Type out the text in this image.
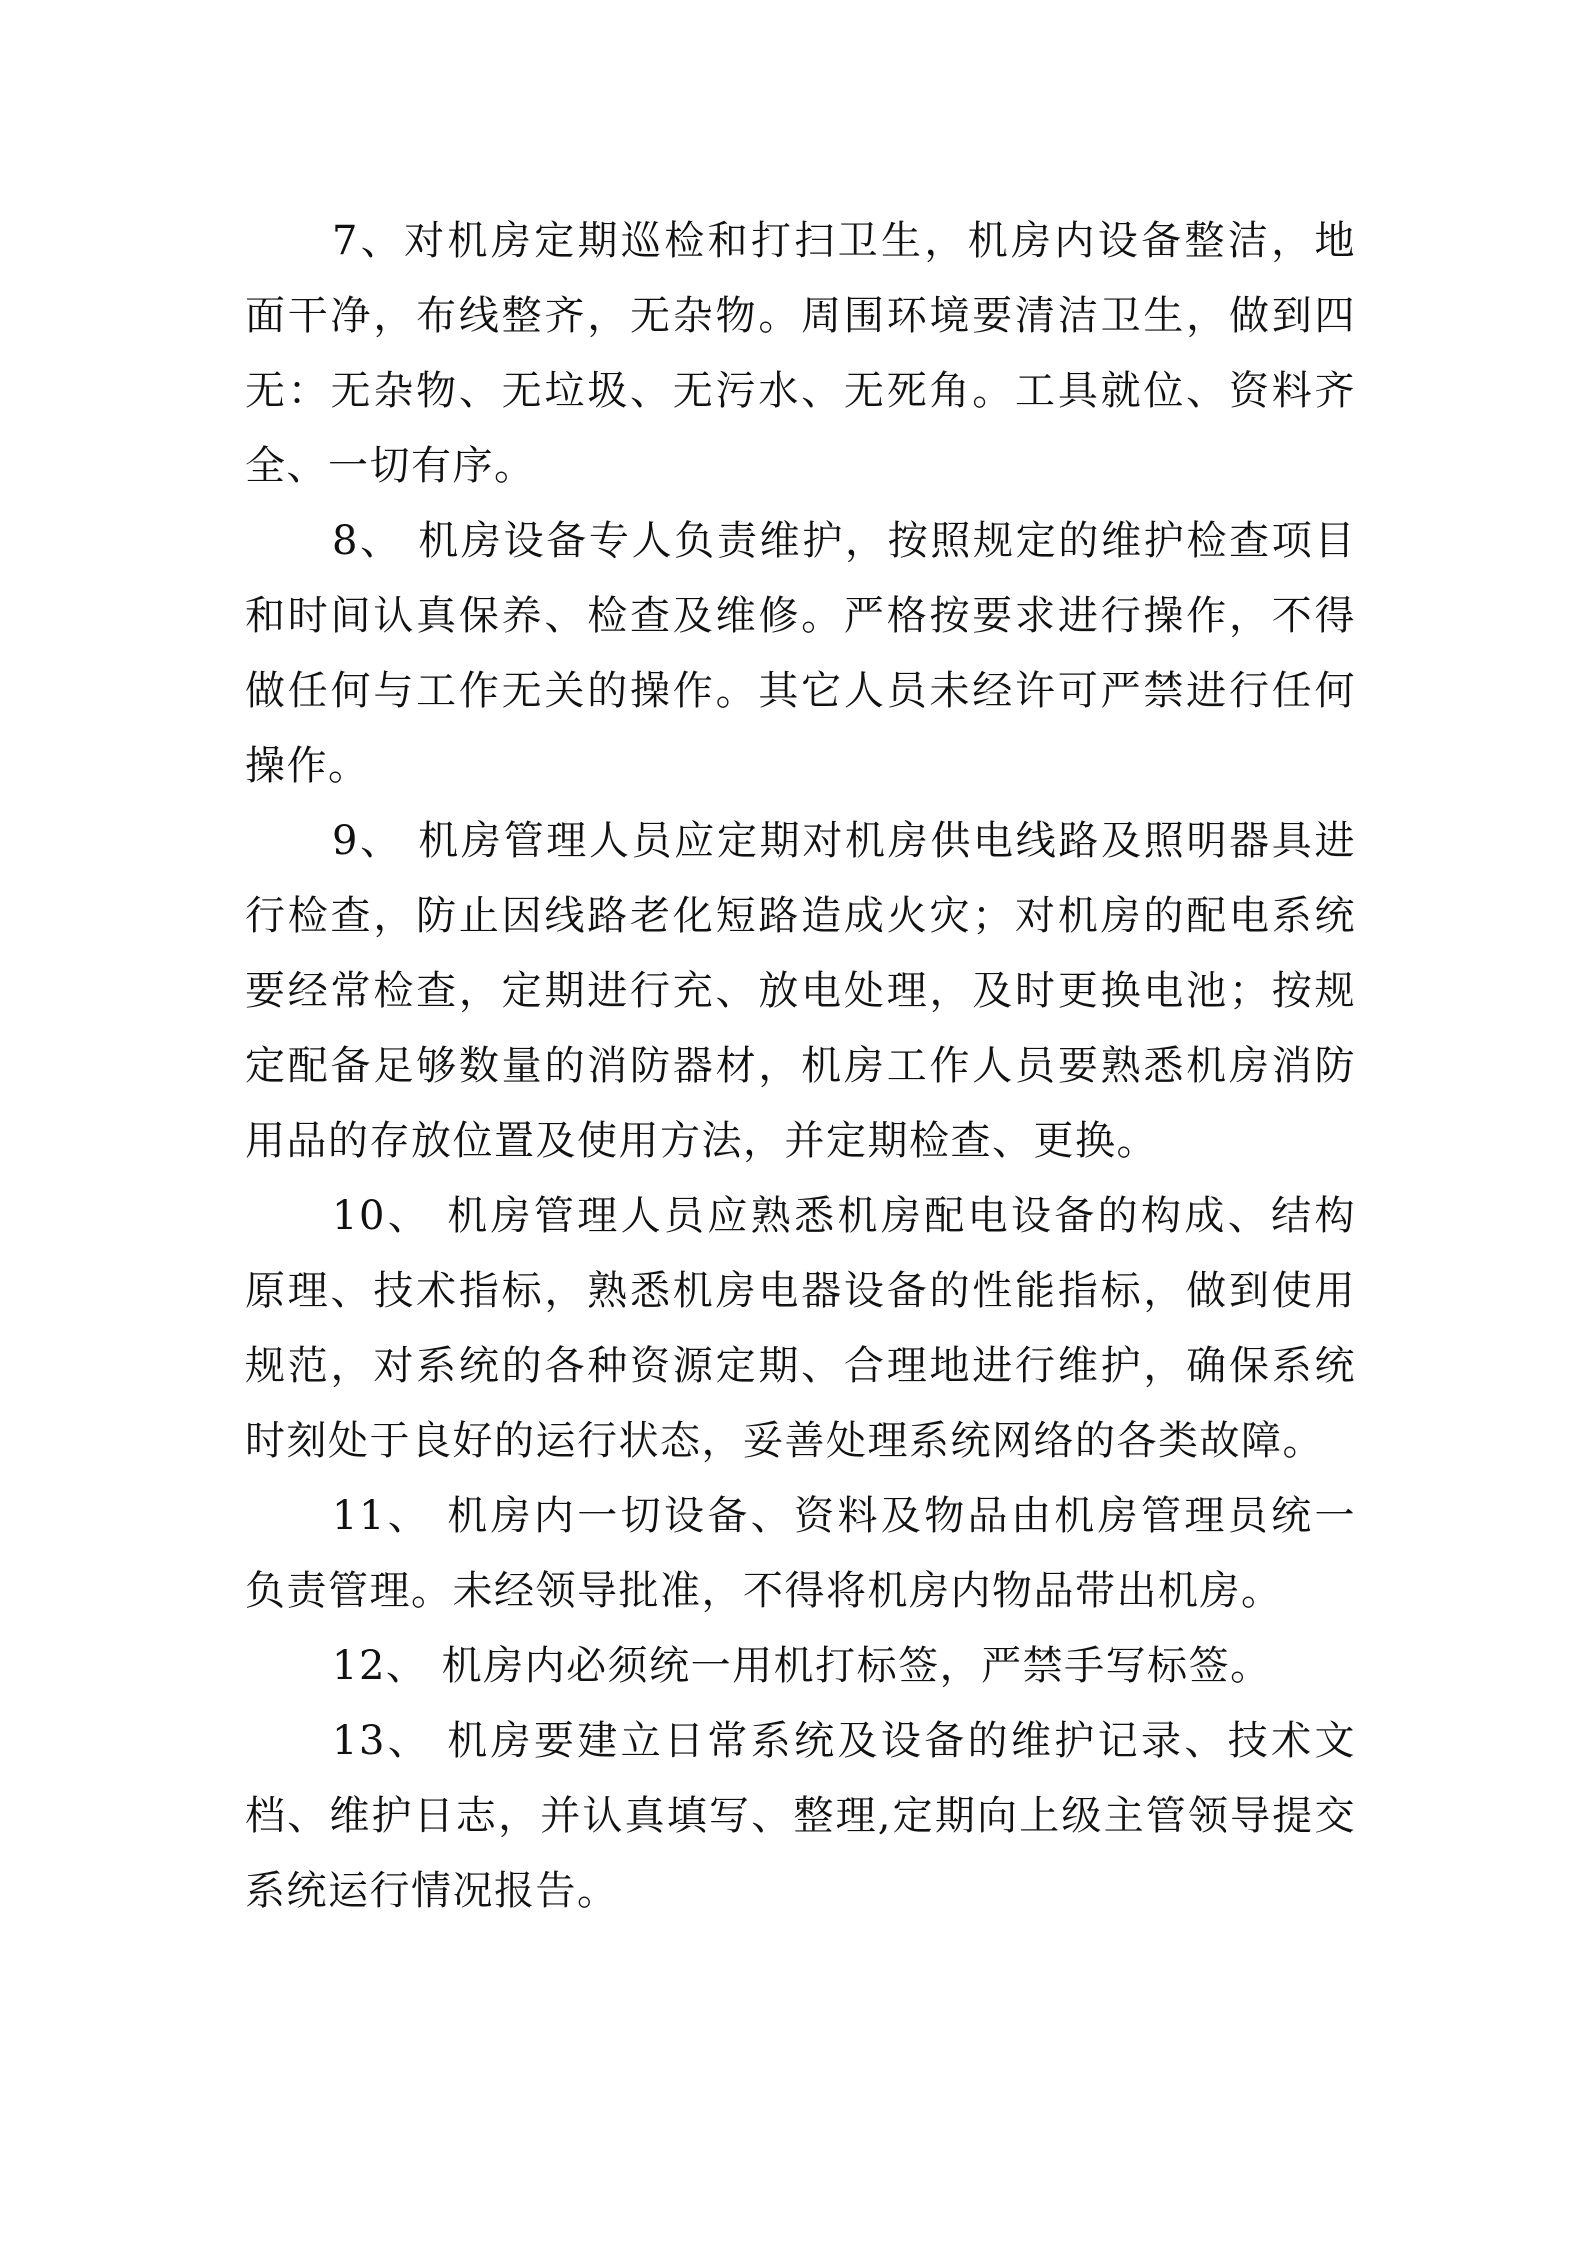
7、对机房定期巡检和打扫卫生，机房内设备整洁，地
面干净，布线整齐，无杂物。周围环境要清洁卫生，做到四
无：无杂物、无垃圾、无污水、无死角。工具就位、资料齐
全、一切有序。
8、 机房设备专人负责维护，按照规定的维护检查项目
和时间认真保养、检查及维修。严格按要求进行操作，不得
做任何与工作无关的操作。其它人员未经许可严禁进行任何
操作。
9、 机房管理人员应定期对机房供电线路及照明器具进
行检查，防止因线路老化短路造成火灾；对机房的配电系统
要经常检查，定期进行充、放电处理，及时更换电池；按规
定配备足够数量的消防器材，机房工作人员要熟悉机房消防
用品的存放位置及使用方法，并定期检查、更换。
10、 机房管理人员应熟悉机房配电设备的构成、结构
原理、技术指标，熟悉机房电器设备的性能指标，做到使用
规范，对系统的各种资源定期、合理地进行维护，确保系统
时刻处于良好的运行状态，妥善处理系统网络的各类故障。
11、 机房内一切设备、资料及物品由机房管理员统一
负责管理。未经领导批准，不得将机房内物品带出机房。
12、 机房内必须统一用机打标签，严禁手写标签。
13、 机房要建立日常系统及设备的维护记录、技术文
档、维护日志，并认真填写、整理,定期向上级主管领导提交
系统运行情况报告。
